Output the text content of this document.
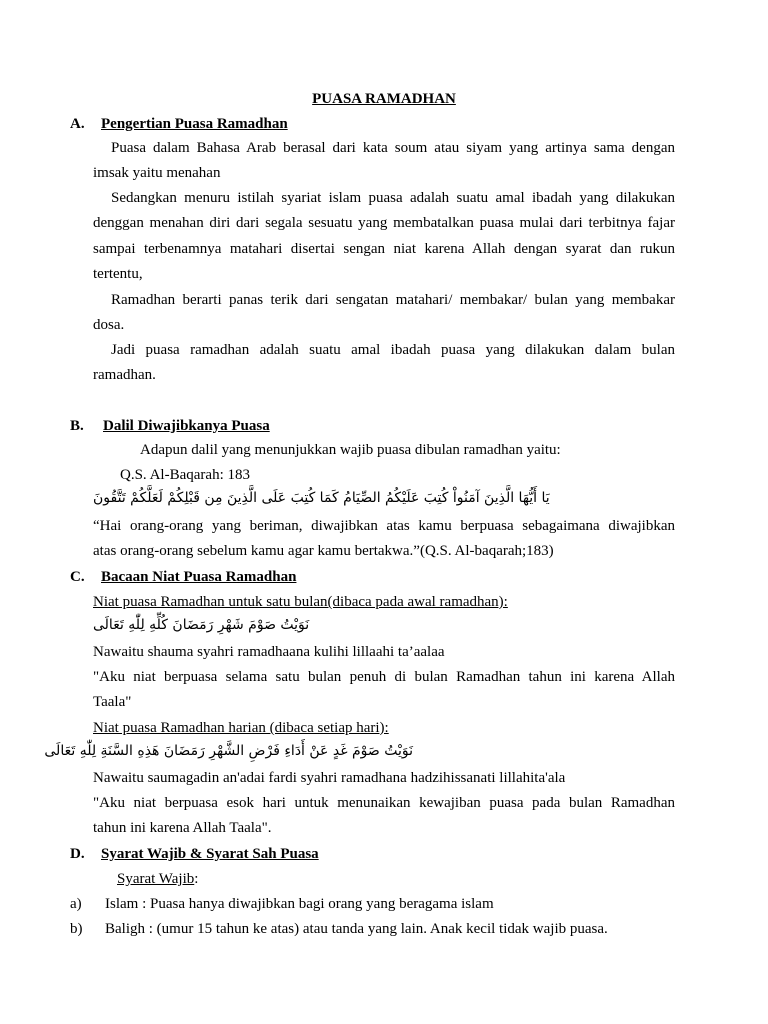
PUASA RAMADHAN
A. Pengertian Puasa Ramadhan
Puasa dalam Bahasa Arab berasal dari kata soum atau siyam yang artinya sama dengan
imsak yaitu menahan
Sedangkan menuru istilah syariat islam puasa adalah suatu amal ibadah yang dilakukan
denggan menahan diri dari segala sesuatu yang membatalkan puasa mulai dari terbitnya fajar
sampai terbenamnya matahari disertai sengan niat karena Allah dengan syarat dan rukun
tertentu,
Ramadhan berarti panas terik dari sengatan matahari/ membakar/ bulan yang membakar
dosa.
Jadi puasa ramadhan adalah suatu amal ibadah puasa yang dilakukan dalam bulan
ramadhan.
B. Dalil Diwajibkanya Puasa
Adapun dalil yang menunjukkan wajib puasa dibulan ramadhan yaitu:
Q.S. Al-Baqarah: 183
يَا أَيُّهَا الَّذِينَ آمَنُواْ كُتِبَ عَلَيْكُمُ الصِّيَامُ كَمَا كُتِبَ عَلَى الَّذِينَ مِن قَبْلِكُمْ لَعَلَّكُمْ تَتَّقُونَ
“Hai orang-orang yang beriman, diwajibkan atas kamu berpuasa sebagaimana diwajibkan
atas orang-orang sebelum kamu agar kamu bertakwa.”(Q.S. Al-baqarah;183)
C. Bacaan Niat Puasa Ramadhan
Niat puasa Ramadhan untuk satu bulan(dibaca pada awal ramadhan):
نَوَيْتُ صَوْمَ شَهْرِ رَمَضَانَ كُلِّهِ لِلّٰهِ تَعَالَى
Nawaitu shauma syahri ramadhaana kulihi lillaahi ta’aalaa
"Aku niat berpuasa selama satu bulan penuh di bulan Ramadhan tahun ini karena Allah
Taala"
Niat puasa Ramadhan harian (dibaca setiap hari):
نَوَيْتُ صَوْمَ غَدٍ عَنْ أَدَاءِ فَرْضِ الشَّهْرِ رَمَضَانَ هَذِهِ السَّنَةِ لِلّٰهِ تَعَالَى
Nawaitu saumagadin an'adai fardi syahri ramadhana hadzihissanati lillahita'ala
"Aku niat berpuasa esok hari untuk menunaikan kewajiban puasa pada bulan Ramadhan
tahun ini karena Allah Taala".
D. Syarat Wajib & Syarat Sah Puasa
Syarat Wajib:
a) Islam : Puasa hanya diwajibkan bagi orang yang beragama islam
b) Baligh : (umur 15 tahun ke atas) atau tanda yang lain. Anak kecil tidak wajib puasa.
